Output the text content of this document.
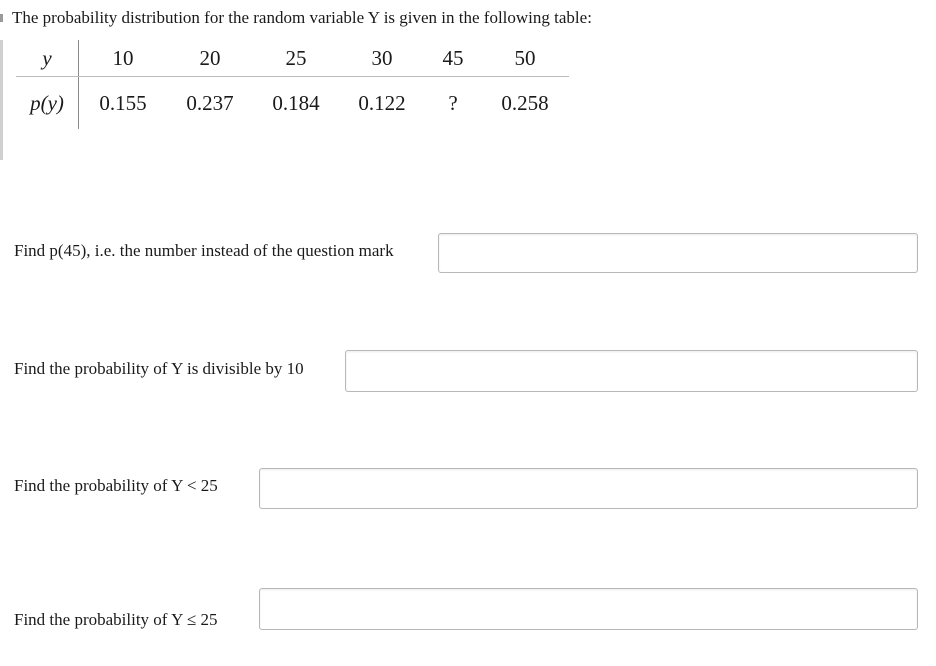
The probability distribution for the random variable Y is given in the following table:
y	10	20	25	30	45	50
p(y)	0.155	0.237	0.184	0.122	?	0.258
Find p(45), i.e. the number instead of the question mark
Find the probability of Y is divisible by 10
Find the probability of Y < 25
Find the probability of Y ≤ 25
